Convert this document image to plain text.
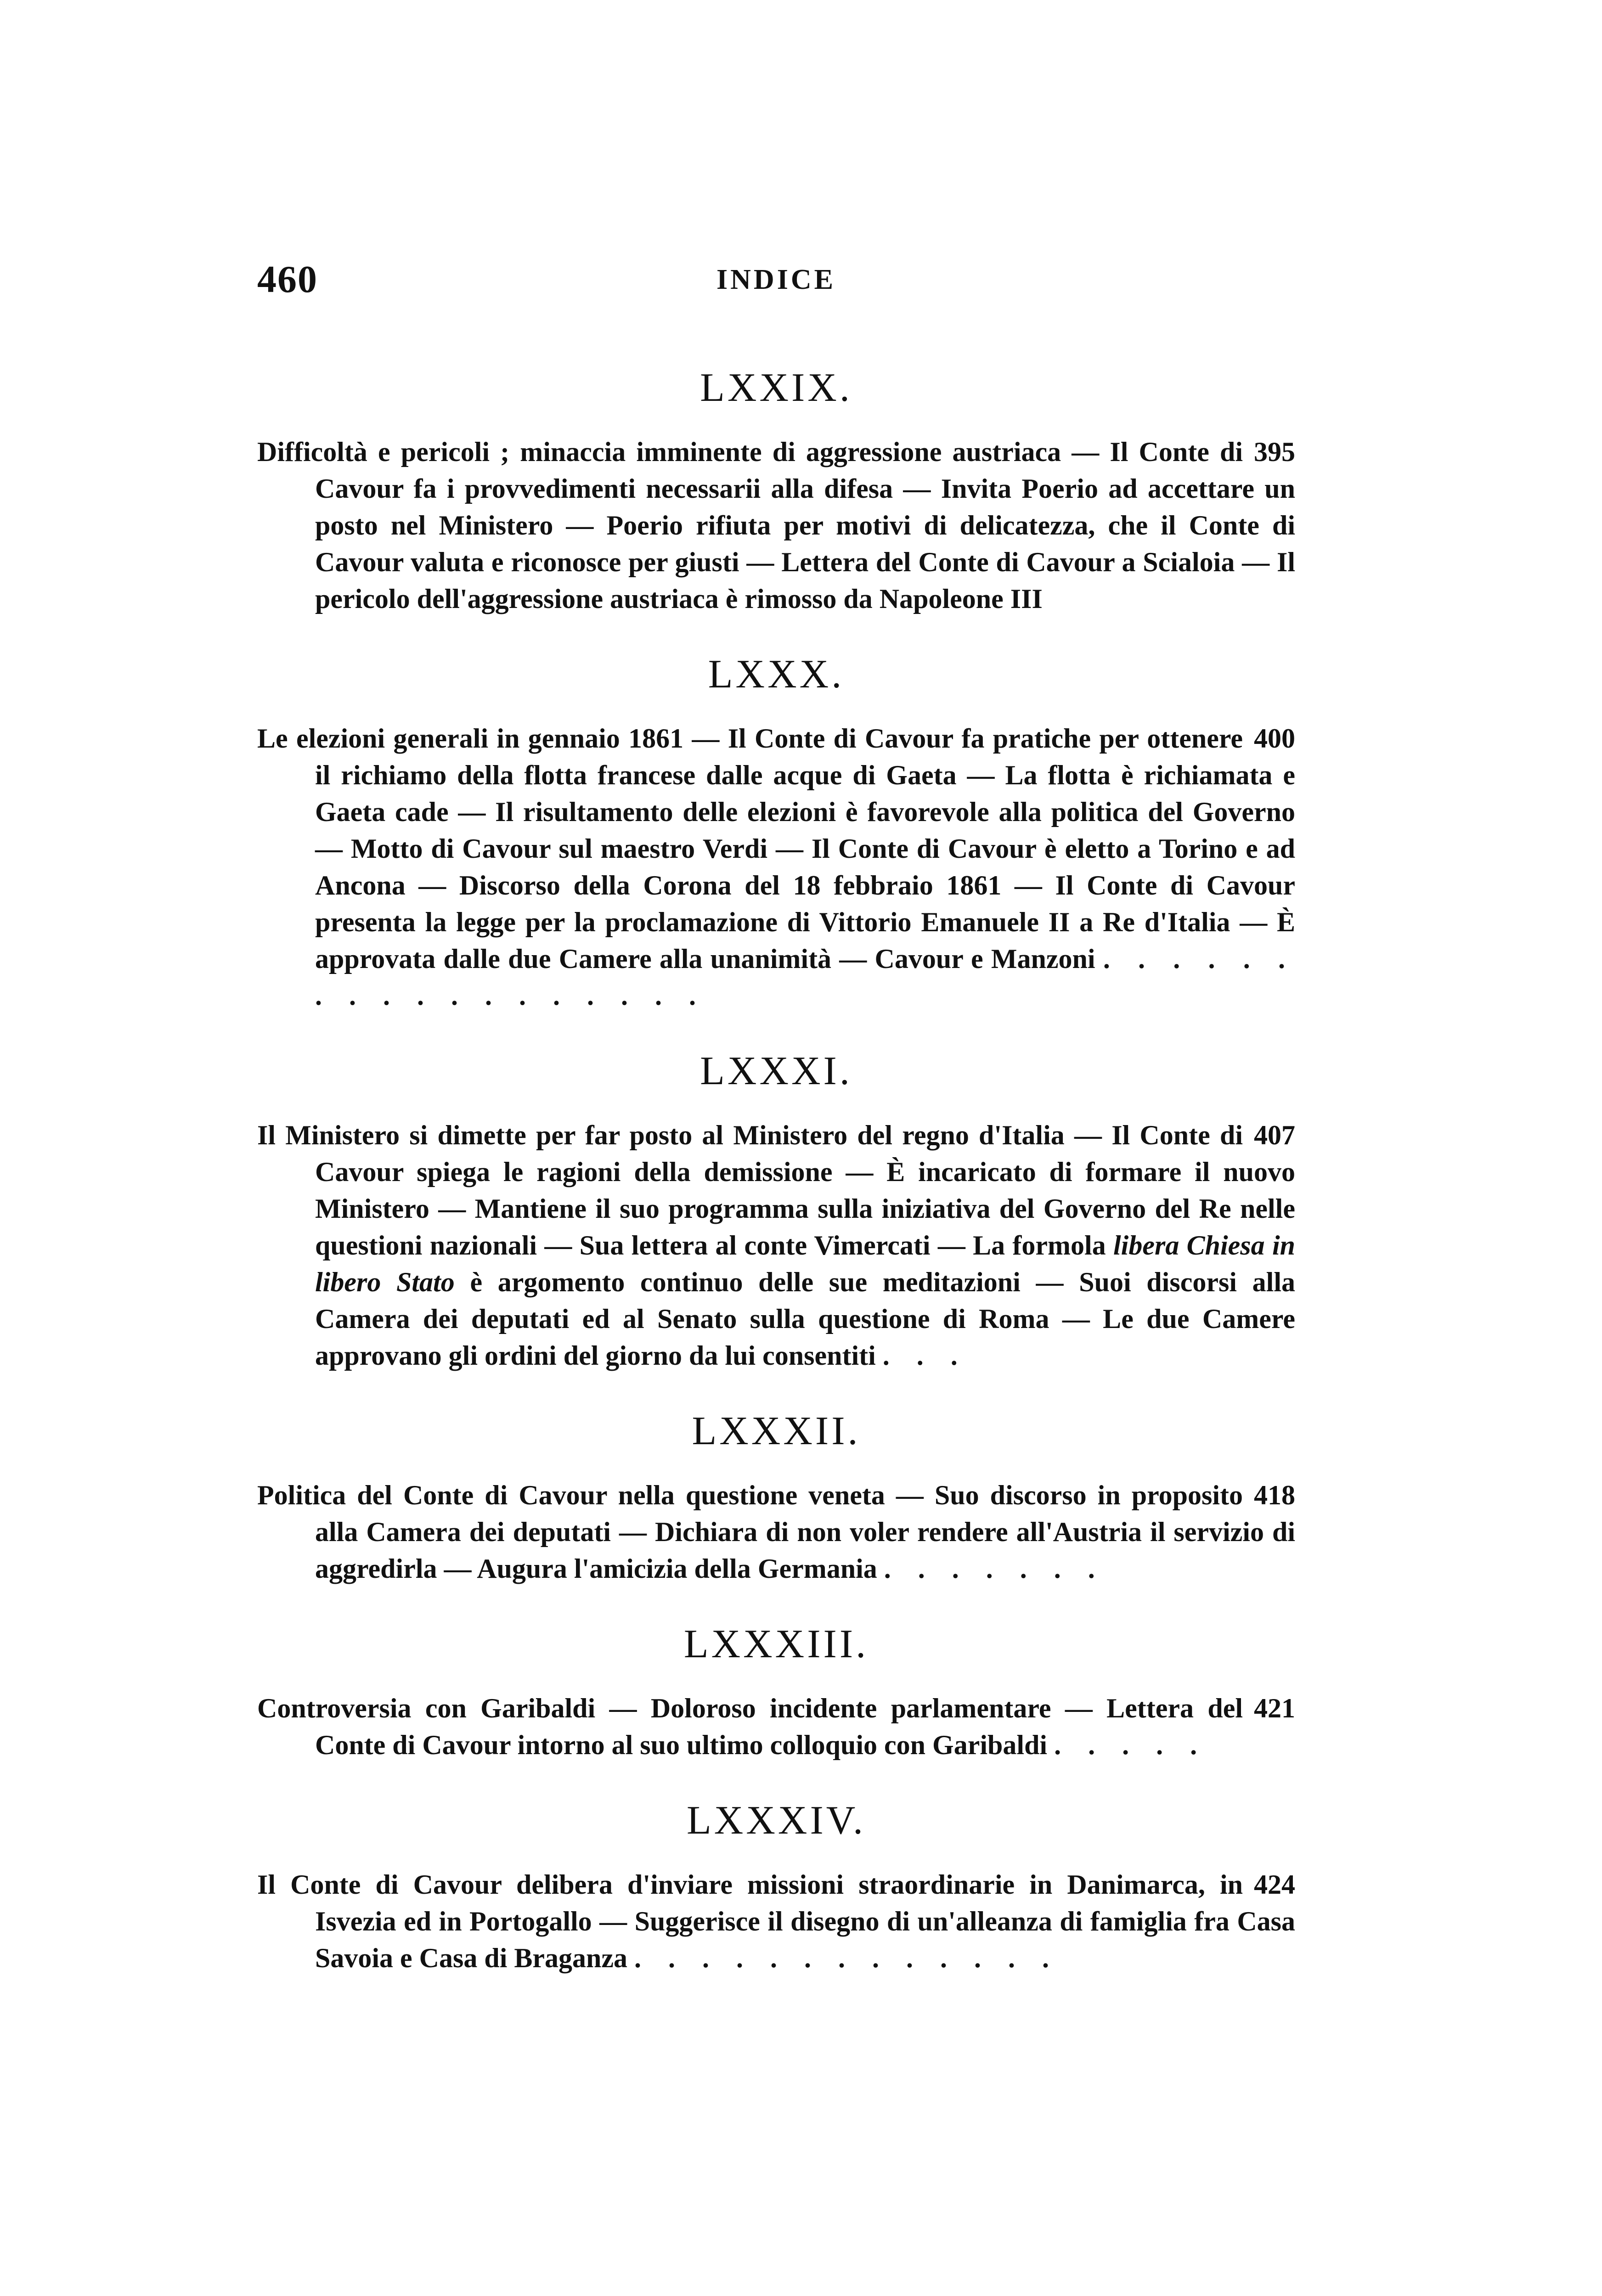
460	INDICE
LXXIX.
395
Difficoltà e pericoli ; minaccia imminente di aggressione austriaca — Il Conte di Cavour fa i provvedimenti necessarii alla difesa — Invita Poerio ad accettare un posto nel Ministero — Poerio rifiuta per motivi di delicatezza, che il Conte di Cavour valuta e riconosce per giusti — Lettera del Conte di Cavour a Scialoia — Il pericolo dell'aggressione austriaca è rimosso da Napoleone III
LXXX.
400
Le elezioni generali in gennaio 1861 — Il Conte di Cavour fa pratiche per ottenere il richiamo della flotta francese dalle acque di Gaeta — La flotta è richiamata e Gaeta cade — Il risultamento delle elezioni è favorevole alla politica del Governo — Motto di Cavour sul maestro Verdi — Il Conte di Cavour è eletto a Torino e ad Ancona — Discorso della Corona del 18 febbraio 1861 — Il Conte di Cavour presenta la legge per la proclamazione di Vittorio Emanuele II a Re d'Italia — È approvata dalle due Camere alla unanimità — Cavour e Manzoni . . . . . . . . . . . . . . . . . .
LXXXI.
407
Il Ministero si dimette per far posto al Ministero del regno d'Italia — Il Conte di Cavour spiega le ragioni della demissione — È incaricato di formare il nuovo Ministero — Mantiene il suo programma sulla iniziativa del Governo del Re nelle questioni nazionali — Sua lettera al conte Vimercati — La formola libera Chiesa in libero Stato è argomento continuo delle sue meditazioni — Suoi discorsi alla Camera dei deputati ed al Senato sulla questione di Roma — Le due Camere approvano gli ordini del giorno da lui consentiti . . .
LXXXII.
418
Politica del Conte di Cavour nella questione veneta — Suo discorso in proposito alla Camera dei deputati — Dichiara di non voler rendere all'Austria il servizio di aggredirla — Augura l'amicizia della Germania . . . . . . .
LXXXIII.
421
Controversia con Garibaldi — Doloroso incidente parlamentare — Lettera del Conte di Cavour intorno al suo ultimo colloquio con Garibaldi . . . . .
LXXXIV.
424
Il Conte di Cavour delibera d'inviare missioni straordinarie in Danimarca, in Isvezia ed in Portogallo — Suggerisce il disegno di un'alleanza di famiglia fra Casa Savoia e Casa di Braganza . . . . . . . . . . . . .
